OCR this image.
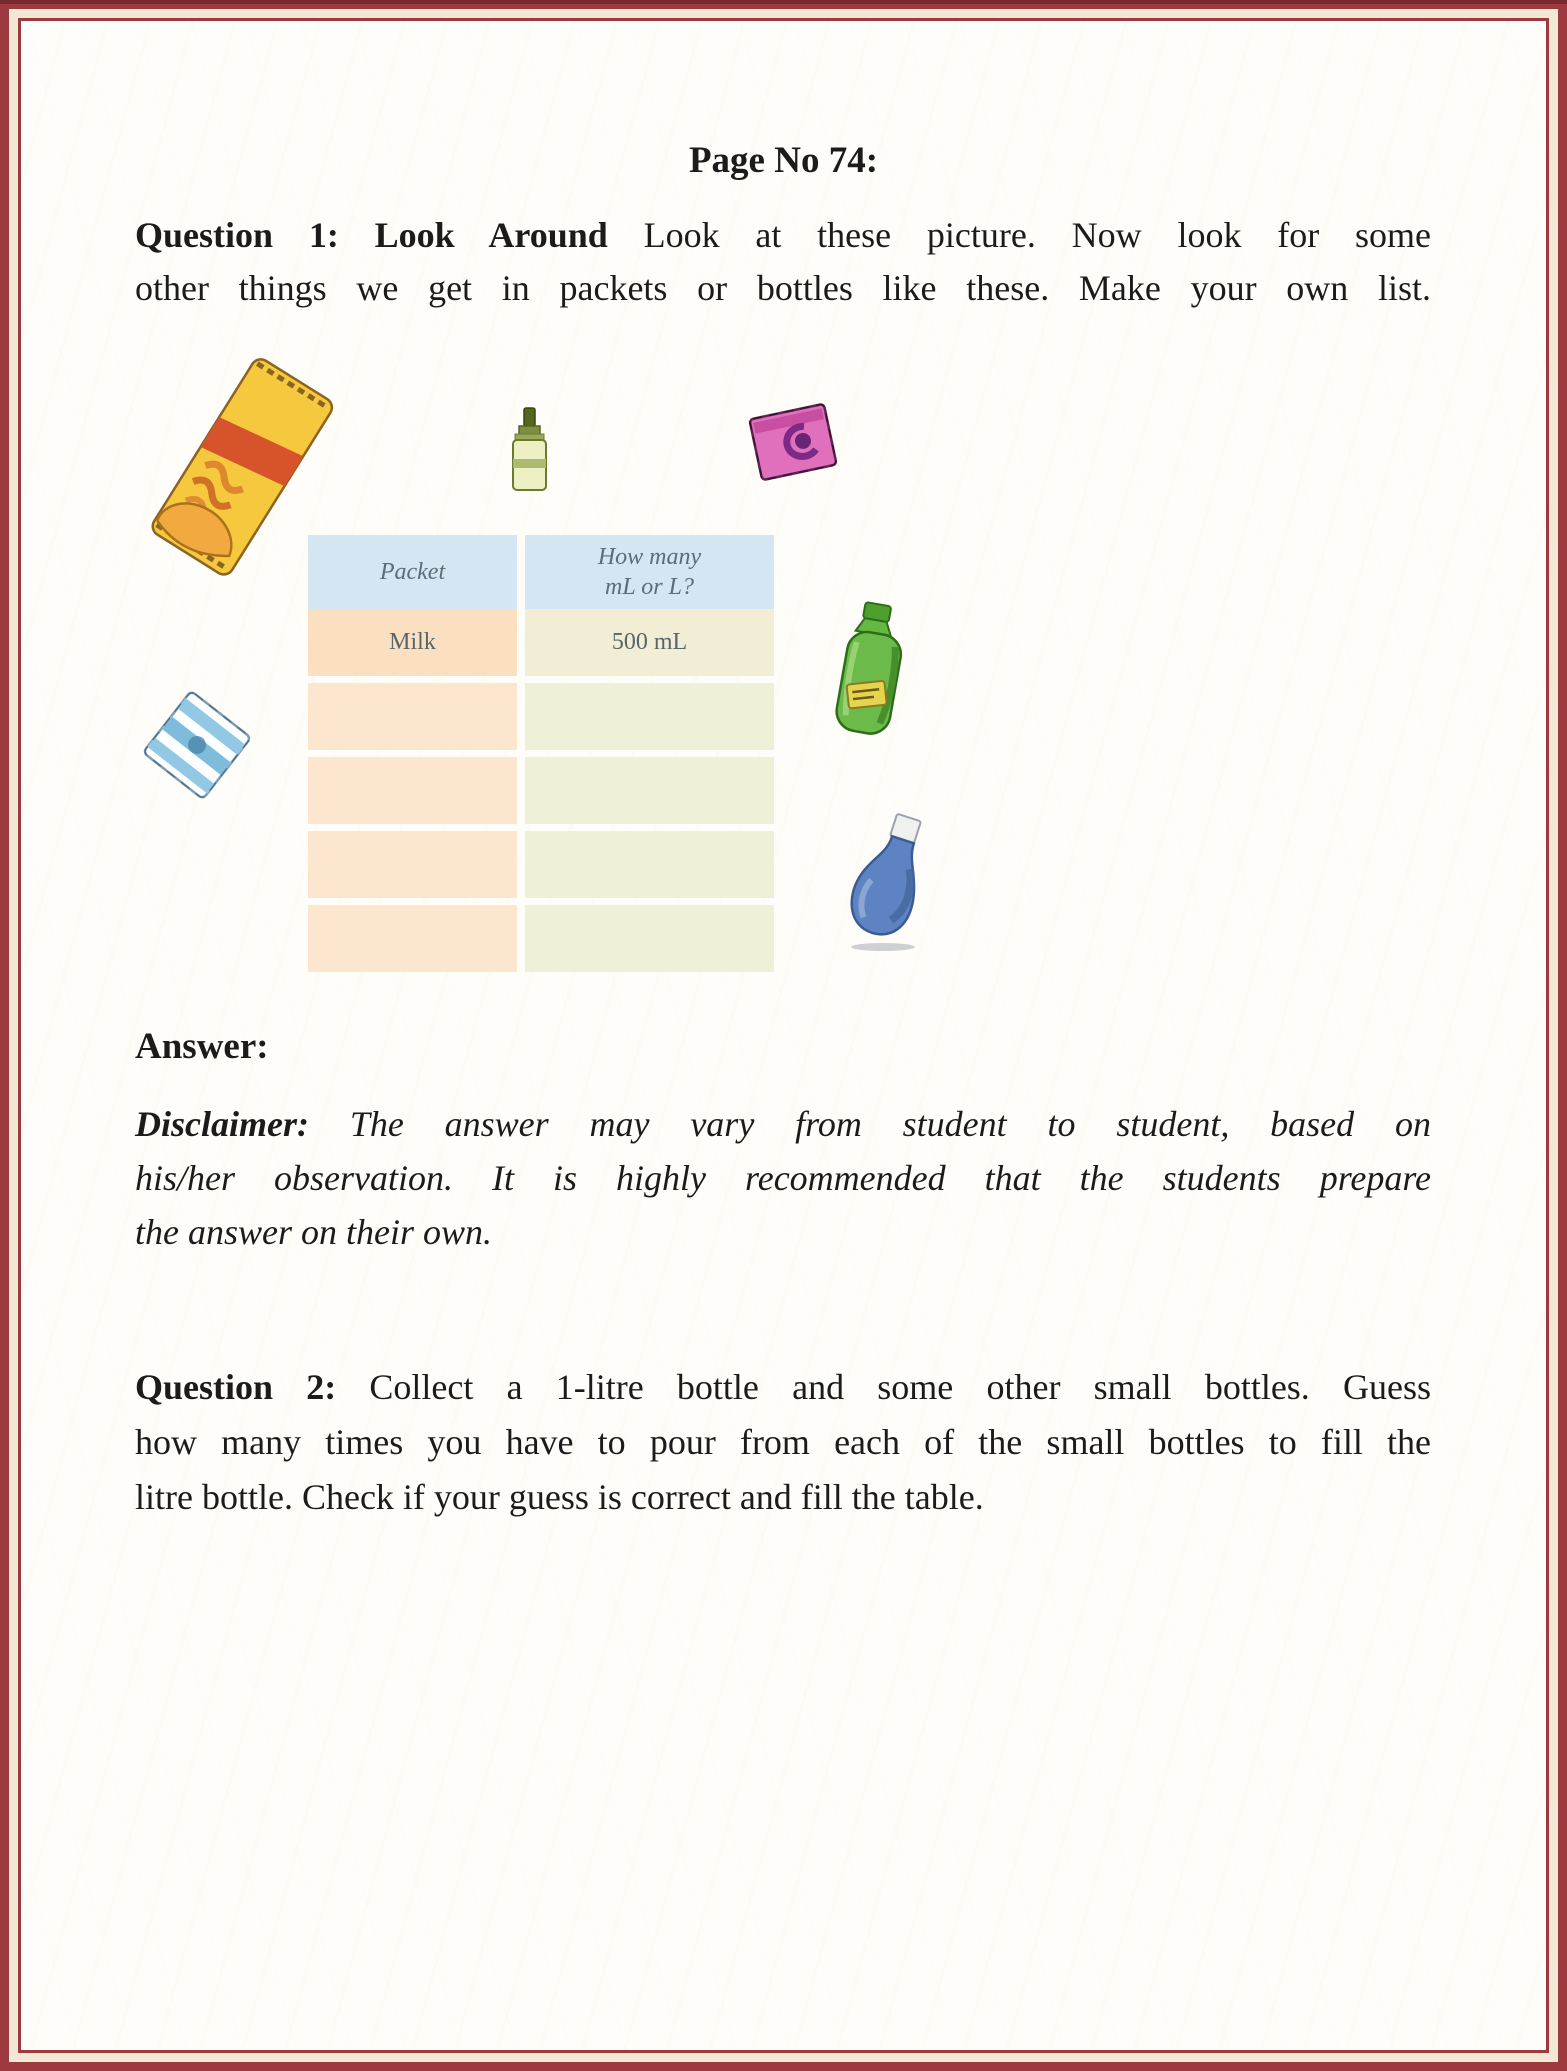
Page No 74:
Question 1: Look Around Look at these picture. Now look for some
other things we get in packets or bottles like these. Make your own list.
Packet
How many mL or L?
Milk	500 mL
Answer:
Disclaimer: The answer may vary from student to student, based on
his/her observation. It is highly recommended that the students prepare
the answer on their own.
Question 2: Collect a 1-litre bottle and some other small bottles. Guess
how many times you have to pour from each of the small bottles to fill the
litre bottle. Check if your guess is correct and fill the table.
